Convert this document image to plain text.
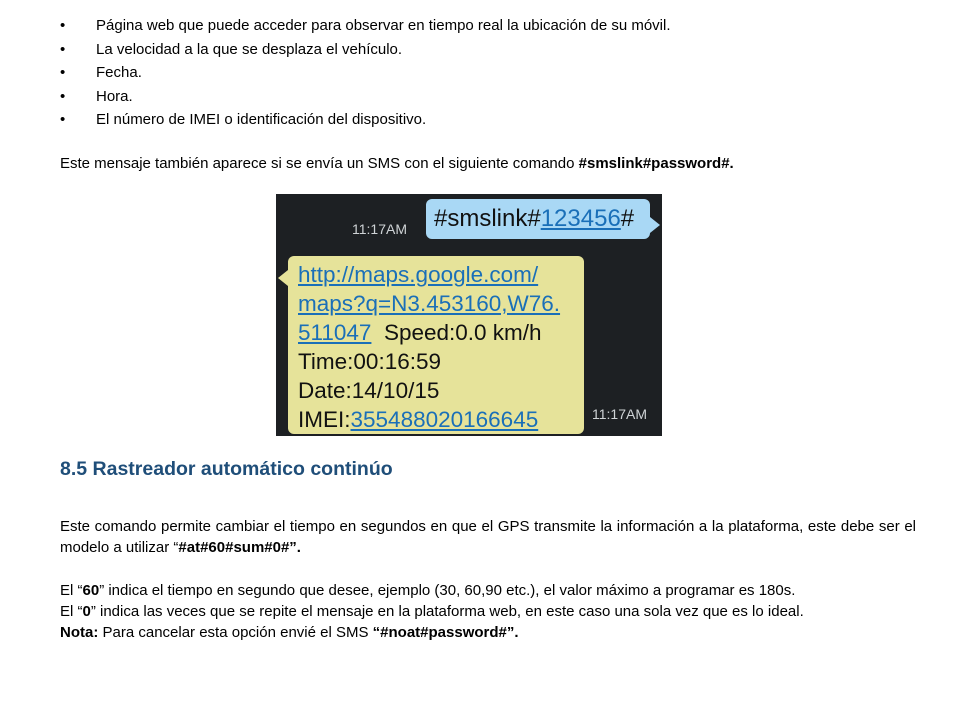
• Página web que puede acceder para observar en tiempo real la ubicación de su móvil.
• La velocidad a la que se desplaza el vehículo.
• Fecha.
• Hora.
• El número de IMEI o identificación del dispositivo.
Este mensaje también aparece si se envía un SMS con el siguiente comando #smslink#password#.
11:17AM	#smslink#123456#
http://maps.google.com/
maps?q=N3.453160,W76.
511047 Speed:0.0 km/h
Time:00:16:59
Date:14/10/15
IMEI:355488020166645	11:17AM
8.5 Rastreador automático continúo
Este comando permite cambiar el tiempo en segundos en que el GPS transmite la información a la plataforma, este debe ser el modelo a utilizar “#at#60#sum#0#”.
El “60” indica el tiempo en segundo que desee, ejemplo (30, 60,90 etc.), el valor máximo a programar es 180s.
El “0” indica las veces que se repite el mensaje en la plataforma web, en este caso una sola vez que es lo ideal.
Nota: Para cancelar esta opción envié el SMS “#noat#password#”.
